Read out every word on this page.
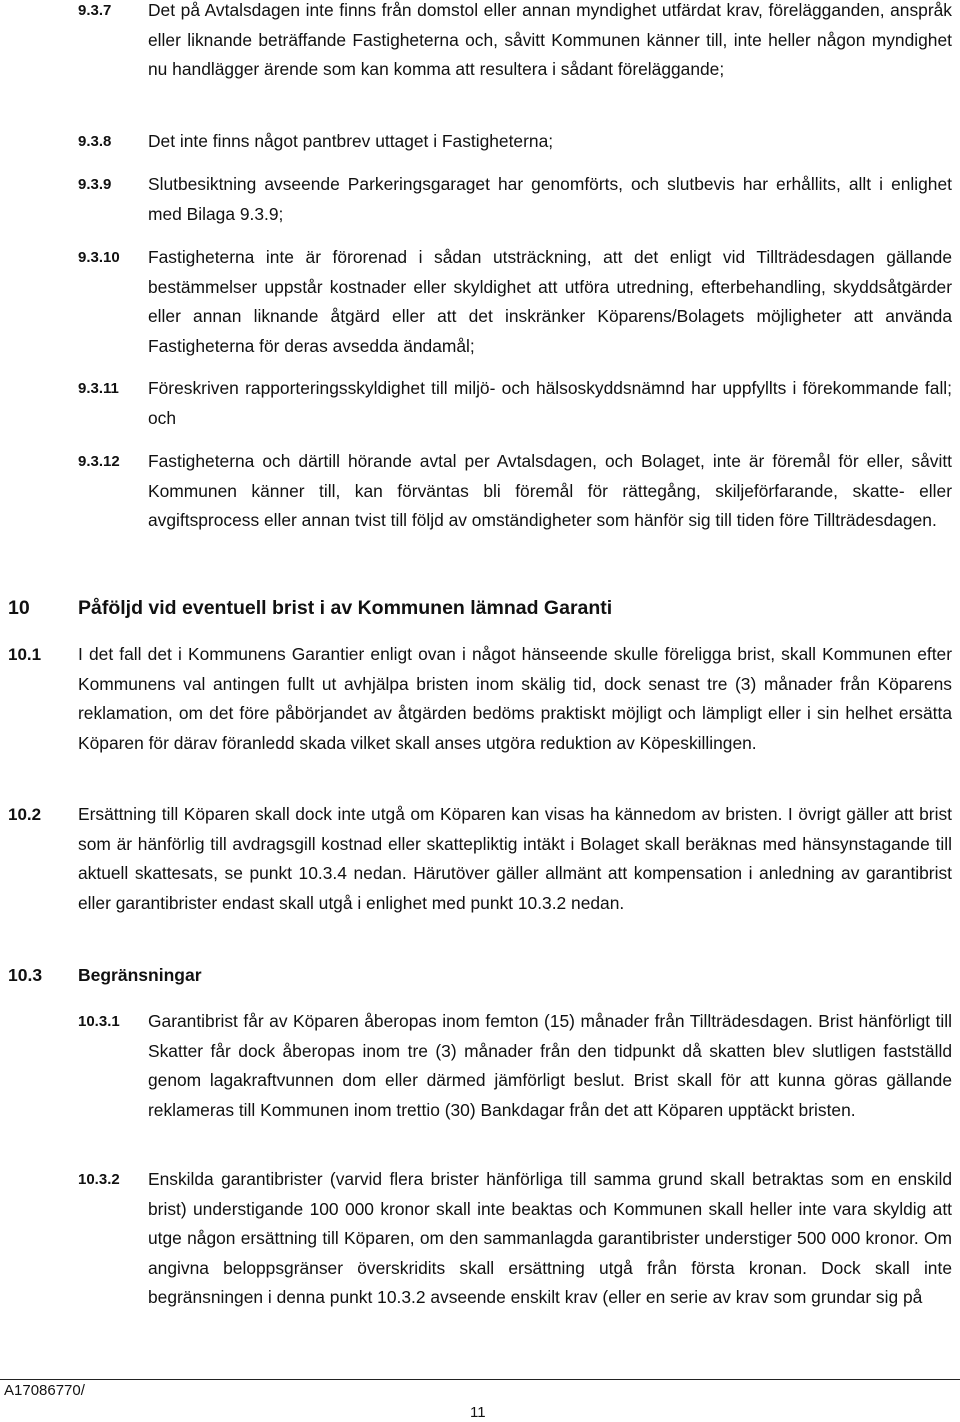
9.3.7 Det på Avtalsdagen inte finns från domstol eller annan myndighet utfärdat krav, förelägganden, anspråk eller liknande beträffande Fastigheterna och, såvitt Kommunen känner till, inte heller någon myndighet nu handlägger ärende som kan komma att resultera i sådant föreläggande;

9.3.8 Det inte finns något pantbrev uttaget i Fastigheterna;

9.3.9 Slutbesiktning avseende Parkeringsgaraget har genomförts, och slutbevis har erhållits, allt i enlighet med Bilaga 9.3.9;

9.3.10 Fastigheterna inte är förorenad i sådan utsträckning, att det enligt vid Tillträdesdagen gällande bestämmelser uppstår kostnader eller skyldighet att utföra utredning, efterbehandling, skyddsåtgärder eller annan liknande åtgärd eller att det inskränker Köparens/Bolagets möjligheter att använda Fastigheterna för deras avsedda ändamål;

9.3.11 Föreskriven rapporteringsskyldighet till miljö- och hälsoskyddsnämnd har uppfyllts i förekommande fall; och

9.3.12 Fastigheterna och därtill hörande avtal per Avtalsdagen, och Bolaget, inte är föremål för eller, såvitt Kommunen känner till, kan förväntas bli föremål för rättegång, skiljeförfarande, skatte- eller avgiftsprocess eller annan tvist till följd av omständigheter som hänför sig till tiden före Tillträdesdagen.

10 Påföljd vid eventuell brist i av Kommunen lämnad Garanti
10.1 I det fall det i Kommunens Garantier enligt ovan i något hänseende skulle föreligga brist, skall Kommunen efter Kommunens val antingen fullt ut avhjälpa bristen inom skälig tid, dock senast tre (3) månader från Köparens reklamation, om det före påbörjandet av åtgärden bedöms praktiskt möjligt och lämpligt eller i sin helhet ersätta Köparen för därav föranledd skada vilket skall anses utgöra reduktion av Köpeskillingen.

10.2 Ersättning till Köparen skall dock inte utgå om Köparen kan visas ha kännedom av bristen. I övrigt gäller att brist som är hänförlig till avdragsgill kostnad eller skattepliktig intäkt i Bolaget skall beräknas med hänsynstagande till aktuell skattesats, se punkt 10.3.4 nedan. Härutöver gäller allmänt att kompensation i anledning av garantibrist eller garantibrister endast skall utgå i enlighet med punkt 10.3.2 nedan.

10.3 Begränsningar
10.3.1 Garantibrist får av Köparen åberopas inom femton (15) månader från Tillträdesdagen. Brist hänförligt till Skatter får dock åberopas inom tre (3) månader från den tidpunkt då skatten blev slutligen fastställd genom lagakraftvunnen dom eller därmed jämförligt beslut. Brist skall för att kunna göras gällande reklameras till Kommunen inom trettio (30) Bankdagar från det att Köparen upptäckt bristen.

10.3.2 Enskilda garantibrister (varvid flera brister hänförliga till samma grund skall betraktas som en enskild brist) understigande 100 000 kronor skall inte beaktas och Kommunen skall heller inte vara skyldig att utge någon ersättning till Köparen, om den sammanlagda garantibrister understiger 500 000 kronor. Om angivna beloppsgränser överskridits skall ersättning utgå från första kronan. Dock skall inte begränsningen i denna punkt 10.3.2 avseende enskilt krav (eller en serie av krav som grundar sig på

A17086770/
11
